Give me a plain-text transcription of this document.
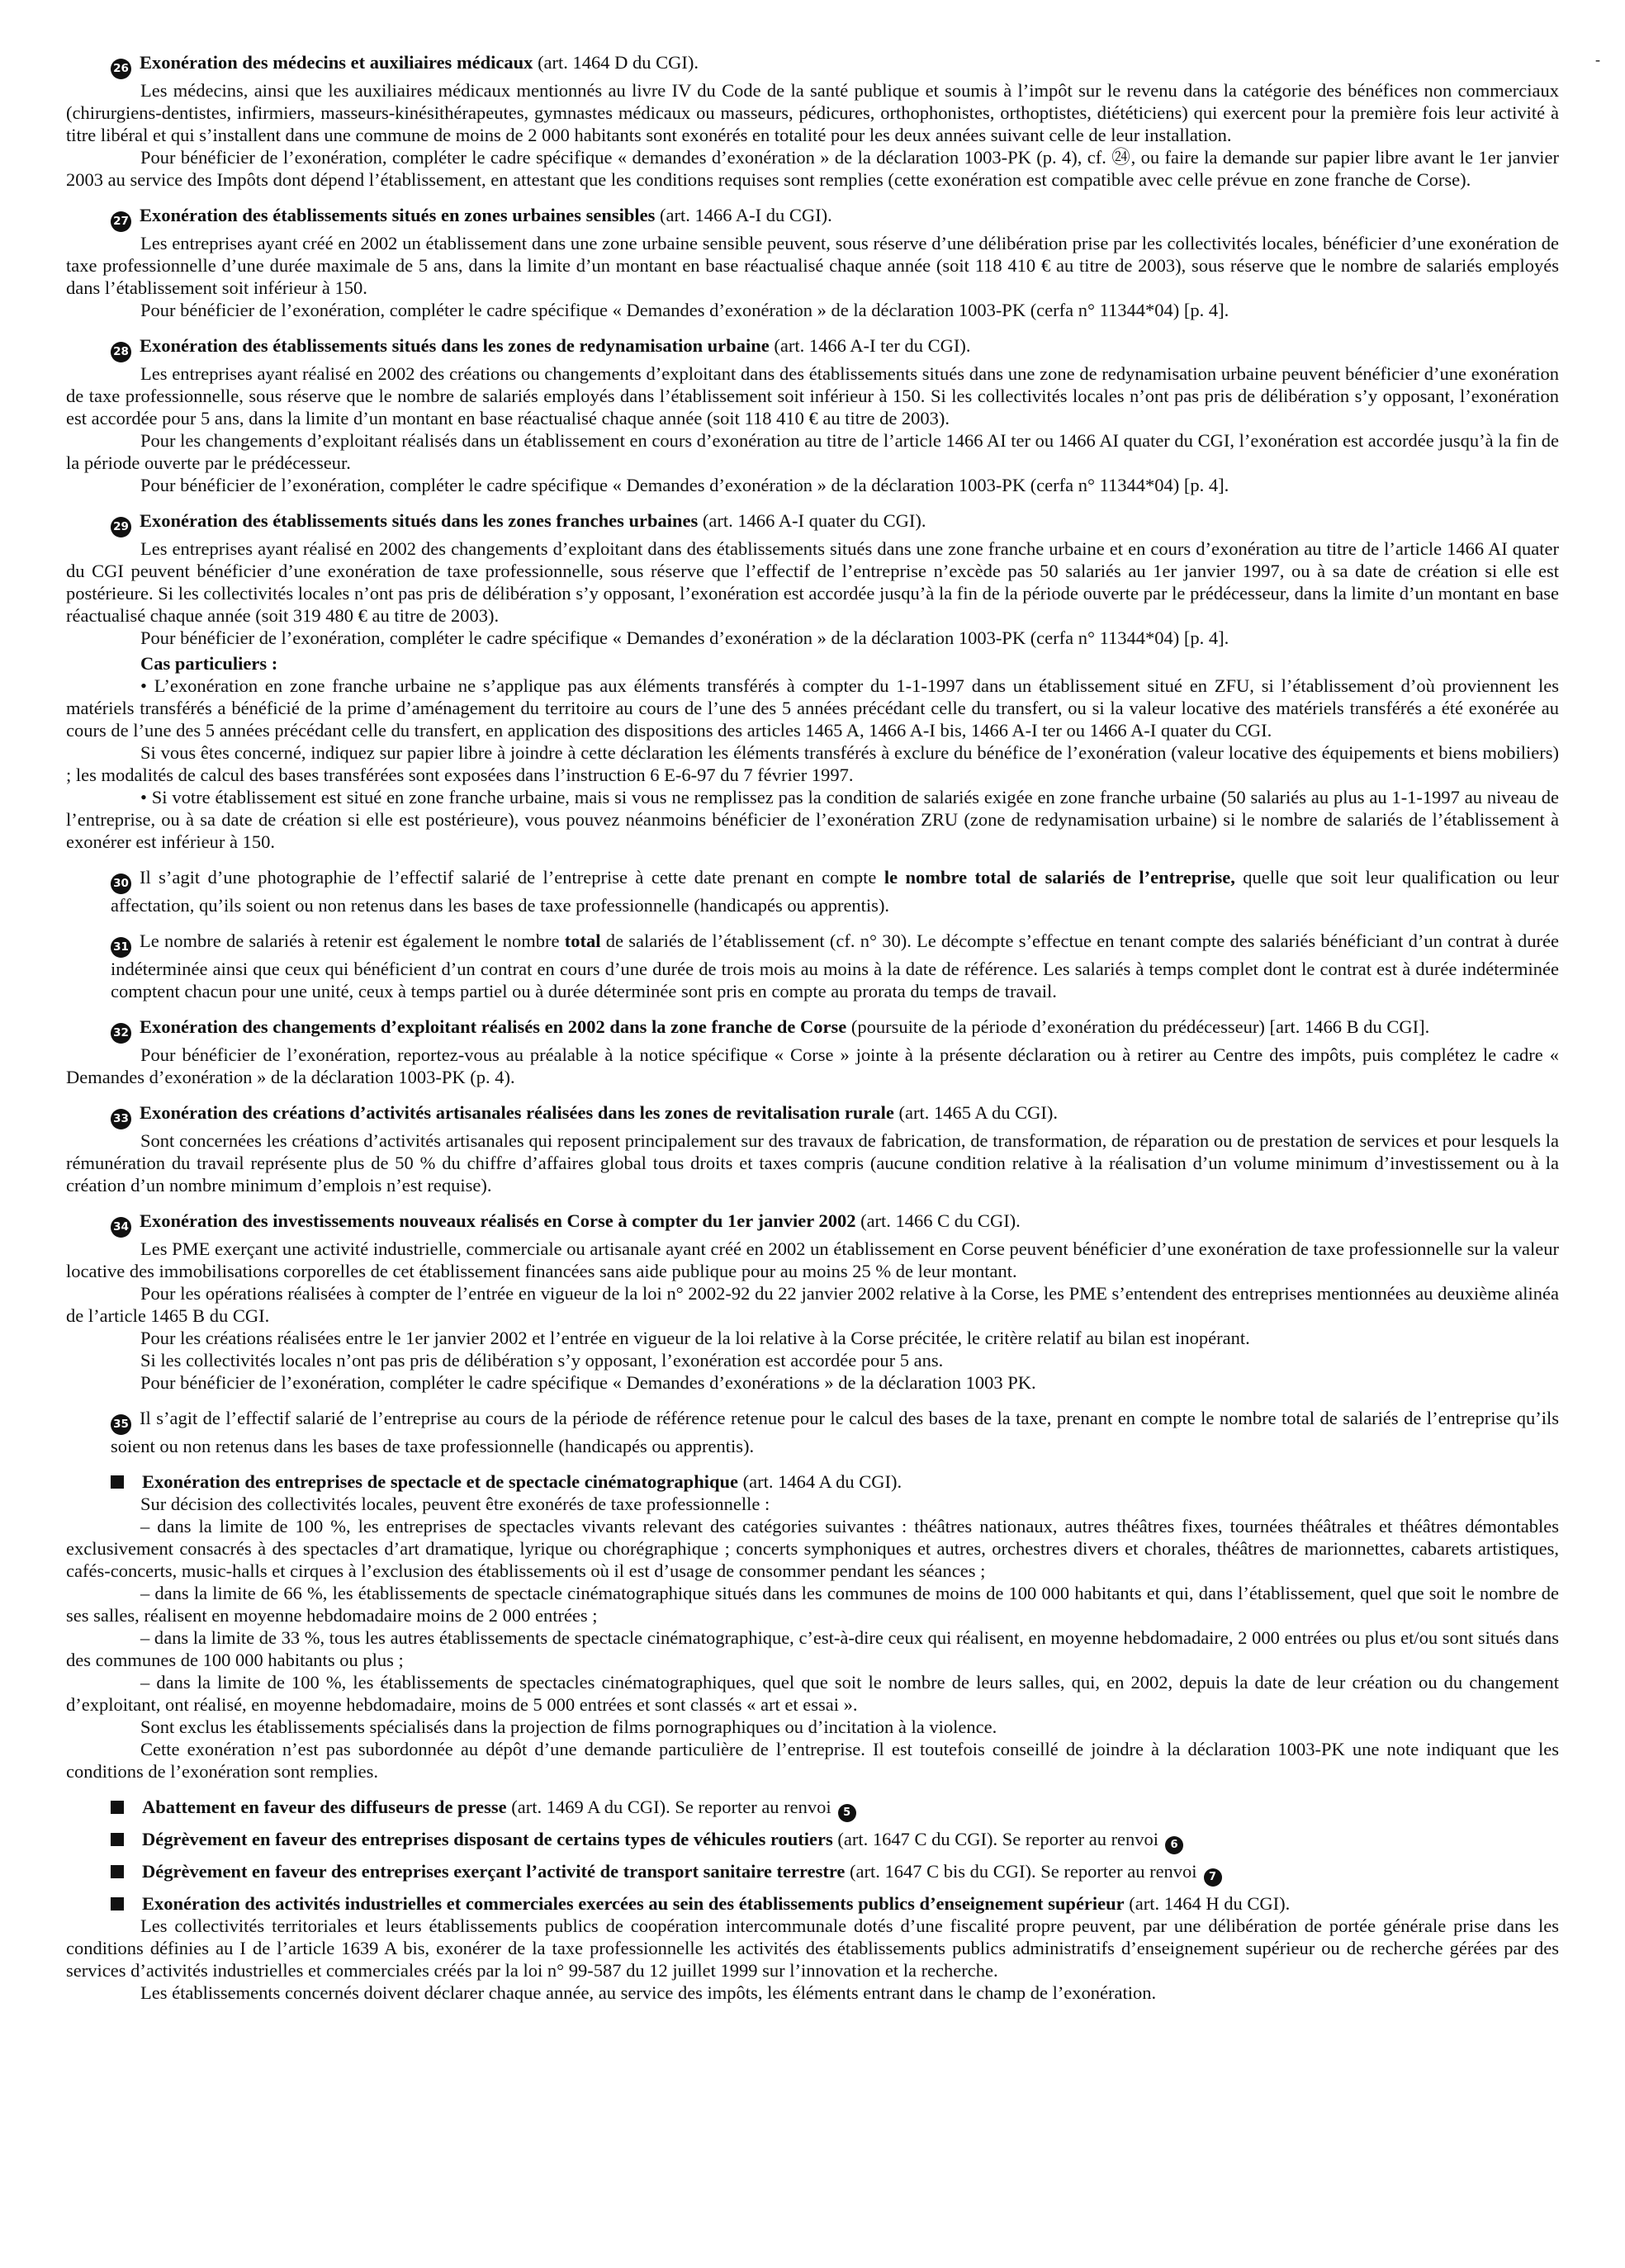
26 Exonération des médecins et auxiliaires médicaux (art. 1464 D du CGI).

Les médecins, ainsi que les auxiliaires médicaux mentionnés au livre IV du Code de la santé publique et soumis à l’impôt sur le revenu dans la catégorie des bénéfices non commerciaux (chirurgiens-dentistes, infirmiers, masseurs-kinésithérapeutes, gymnastes médicaux ou masseurs, pédicures, orthophonistes, orthoptistes, diététiciens) qui exercent pour la première fois leur activité à titre libéral et qui s’installent dans une commune de moins de 2 000 habitants sont exonérés en totalité pour les deux années suivant celle de leur installation.

Pour bénéficier de l’exonération, compléter le cadre spécifique « demandes d’exonération » de la déclaration 1003-PK (p. 4), cf. ㉔, ou faire la demande sur papier libre avant le 1er janvier 2003 au service des Impôts dont dépend l’établissement, en attestant que les conditions requises sont remplies (cette exonération est compatible avec celle prévue en zone franche de Corse).

27 Exonération des établissements situés en zones urbaines sensibles (art. 1466 A-I du CGI).

Les entreprises ayant créé en 2002 un établissement dans une zone urbaine sensible peuvent, sous réserve d’une délibération prise par les collectivités locales, bénéficier d’une exonération de taxe professionnelle d’une durée maximale de 5 ans, dans la limite d’un montant en base réactualisé chaque année (soit 118 410 € au titre de 2003), sous réserve que le nombre de salariés employés dans l’établissement soit inférieur à 150.

Pour bénéficier de l’exonération, compléter le cadre spécifique « Demandes d’exonération » de la déclaration 1003-PK (cerfa n° 11344*04) [p. 4].

28 Exonération des établissements situés dans les zones de redynamisation urbaine (art. 1466 A-I ter du CGI).

Les entreprises ayant réalisé en 2002 des créations ou changements d’exploitant dans des établissements situés dans une zone de redynamisation urbaine peuvent bénéficier d’une exonération de taxe professionnelle, sous réserve que le nombre de salariés employés dans l’établissement soit inférieur à 150. Si les collectivités locales n’ont pas pris de délibération s’y opposant, l’exonération est accordée pour 5 ans, dans la limite d’un montant en base réactualisé chaque année (soit 118 410 € au titre de 2003).

Pour les changements d’exploitant réalisés dans un établissement en cours d’exonération au titre de l’article 1466 AI ter ou 1466 AI quater du CGI, l’exonération est accordée jusqu’à la fin de la période ouverte par le prédécesseur.

Pour bénéficier de l’exonération, compléter le cadre spécifique « Demandes d’exonération » de la déclaration 1003-PK (cerfa n° 11344*04) [p. 4].

29 Exonération des établissements situés dans les zones franches urbaines (art. 1466 A-I quater du CGI).

Les entreprises ayant réalisé en 2002 des changements d’exploitant dans des établissements situés dans une zone franche urbaine et en cours d’exonération au titre de l’article 1466 AI quater du CGI peuvent bénéficier d’une exonération de taxe professionnelle, sous réserve que l’effectif de l’entreprise n’excède pas 50 salariés au 1er janvier 1997, ou à sa date de création si elle est postérieure. Si les collectivités locales n’ont pas pris de délibération s’y opposant, l’exonération est accordée jusqu’à la fin de la période ouverte par le prédécesseur, dans la limite d’un montant en base réactualisé chaque année (soit 319 480 € au titre de 2003).

Pour bénéficier de l’exonération, compléter le cadre spécifique « Demandes d’exonération » de la déclaration 1003-PK (cerfa n° 11344*04) [p. 4].

Cas particuliers :

• L’exonération en zone franche urbaine ne s’applique pas aux éléments transférés à compter du 1-1-1997 dans un établissement situé en ZFU, si l’établissement d’où proviennent les matériels transférés a bénéficié de la prime d’aménagement du territoire au cours de l’une des 5 années précédant celle du transfert, ou si la valeur locative des matériels transférés a été exonérée au cours de l’une des 5 années précédant celle du transfert, en application des dispositions des articles 1465 A, 1466 A-I bis, 1466 A-I ter ou 1466 A-I quater du CGI.

Si vous êtes concerné, indiquez sur papier libre à joindre à cette déclaration les éléments transférés à exclure du bénéfice de l’exonération (valeur locative des équipements et biens mobiliers) ; les modalités de calcul des bases transférées sont exposées dans l’instruction 6 E-6-97 du 7 février 1997.

• Si votre établissement est situé en zone franche urbaine, mais si vous ne remplissez pas la condition de salariés exigée en zone franche urbaine (50 salariés au plus au 1-1-1997 au niveau de l’entreprise, ou à sa date de création si elle est postérieure), vous pouvez néanmoins bénéficier de l’exonération ZRU (zone de redynamisation urbaine) si le nombre de salariés de l’établissement à exonérer est inférieur à 150.

30 Il s’agit d’une photographie de l’effectif salarié de l’entreprise à cette date prenant en compte le nombre total de salariés de l’entreprise, quelle que soit leur qualification ou leur affectation, qu’ils soient ou non retenus dans les bases de taxe professionnelle (handicapés ou apprentis).
31 Le nombre de salariés à retenir est également le nombre total de salariés de l’établissement (cf. n° 30). Le décompte s’effectue en tenant compte des salariés bénéficiant d’un contrat à durée indéterminée ainsi que ceux qui bénéficient d’un contrat en cours d’une durée de trois mois au moins à la date de référence. Les salariés à temps complet dont le contrat est à durée indéterminée comptent chacun pour une unité, ceux à temps partiel ou à durée déterminée sont pris en compte au prorata du temps de travail.
32 Exonération des changements d’exploitant réalisés en 2002 dans la zone franche de Corse (poursuite de la période d’exonération du prédécesseur) [art. 1466 B du CGI].

Pour bénéficier de l’exonération, reportez-vous au préalable à la notice spécifique « Corse » jointe à la présente déclaration ou à retirer au Centre des impôts, puis complétez le cadre « Demandes d’exonération » de la déclaration 1003-PK (p. 4).

33 Exonération des créations d’activités artisanales réalisées dans les zones de revitalisation rurale (art. 1465 A du CGI).

Sont concernées les créations d’activités artisanales qui reposent principalement sur des travaux de fabrication, de transformation, de réparation ou de prestation de services et pour lesquels la rémunération du travail représente plus de 50 % du chiffre d’affaires global tous droits et taxes compris (aucune condition relative à la réalisation d’un volume minimum d’investissement ou à la création d’un nombre minimum d’emplois n’est requise).

34 Exonération des investissements nouveaux réalisés en Corse à compter du 1er janvier 2002 (art. 1466 C du CGI).

Les PME exerçant une activité industrielle, commerciale ou artisanale ayant créé en 2002 un établissement en Corse peuvent bénéficier d’une exonération de taxe professionnelle sur la valeur locative des immobilisations corporelles de cet établissement financées sans aide publique pour au moins 25 % de leur montant.

Pour les opérations réalisées à compter de l’entrée en vigueur de la loi n° 2002-92 du 22 janvier 2002 relative à la Corse, les PME s’entendent des entreprises mentionnées au deuxième alinéa de l’article 1465 B du CGI.

Pour les créations réalisées entre le 1er janvier 2002 et l’entrée en vigueur de la loi relative à la Corse précitée, le critère relatif au bilan est inopérant.

Si les collectivités locales n’ont pas pris de délibération s’y opposant, l’exonération est accordée pour 5 ans.

Pour bénéficier de l’exonération, compléter le cadre spécifique « Demandes d’exonérations » de la déclaration 1003 PK.

35 Il s’agit de l’effectif salarié de l’entreprise au cours de la période de référence retenue pour le calcul des bases de la taxe, prenant en compte le nombre total de salariés de l’entreprise qu’ils soient ou non retenus dans les bases de taxe professionnelle (handicapés ou apprentis).
Exonération des entreprises de spectacle et de spectacle cinématographique (art. 1464 A du CGI).

Sur décision des collectivités locales, peuvent être exonérés de taxe professionnelle :

– dans la limite de 100 %, les entreprises de spectacles vivants relevant des catégories suivantes : théâtres nationaux, autres théâtres fixes, tournées théâtrales et théâtres démontables exclusivement consacrés à des spectacles d’art dramatique, lyrique ou chorégraphique ; concerts symphoniques et autres, orchestres divers et chorales, théâtres de marionnettes, cabarets artistiques, cafés-concerts, music-halls et cirques à l’exclusion des établissements où il est d’usage de consommer pendant les séances ;

– dans la limite de 66 %, les établissements de spectacle cinématographique situés dans les communes de moins de 100 000 habitants et qui, dans l’établissement, quel que soit le nombre de ses salles, réalisent en moyenne hebdomadaire moins de 2 000 entrées ;

– dans la limite de 33 %, tous les autres établissements de spectacle cinématographique, c’est-à-dire ceux qui réalisent, en moyenne hebdomadaire, 2 000 entrées ou plus et/ou sont situés dans des communes de 100 000 habitants ou plus ;

– dans la limite de 100 %, les établissements de spectacles cinématographiques, quel que soit le nombre de leurs salles, qui, en 2002, depuis la date de leur création ou du changement d’exploitant, ont réalisé, en moyenne hebdomadaire, moins de 5 000 entrées et sont classés « art et essai ».

Sont exclus les établissements spécialisés dans la projection de films pornographiques ou d’incitation à la violence.

Cette exonération n’est pas subordonnée au dépôt d’une demande particulière de l’entreprise. Il est toutefois conseillé de joindre à la déclaration 1003-PK une note indiquant que les conditions de l’exonération sont remplies.

Abattement en faveur des diffuseurs de presse (art. 1469 A du CGI). Se reporter au renvoi 5
Dégrèvement en faveur des entreprises disposant de certains types de véhicules routiers (art. 1647 C du CGI). Se reporter au renvoi 6
Dégrèvement en faveur des entreprises exerçant l’activité de transport sanitaire terrestre (art. 1647 C bis du CGI). Se reporter au renvoi 7
Exonération des activités industrielles et commerciales exercées au sein des établissements publics d’enseignement supérieur (art. 1464 H du CGI).

Les collectivités territoriales et leurs établissements publics de coopération intercommunale dotés d’une fiscalité propre peuvent, par une délibération de portée générale prise dans les conditions définies au I de l’article 1639 A bis, exonérer de la taxe professionnelle les activités des établissements publics administratifs d’enseignement supérieur ou de recherche gérées par des services d’activités industrielles et commerciales créés par la loi n° 99-587 du 12 juillet 1999 sur l’innovation et la recherche.

Les établissements concernés doivent déclarer chaque année, au service des impôts, les éléments entrant dans le champ de l’exonération.

-
